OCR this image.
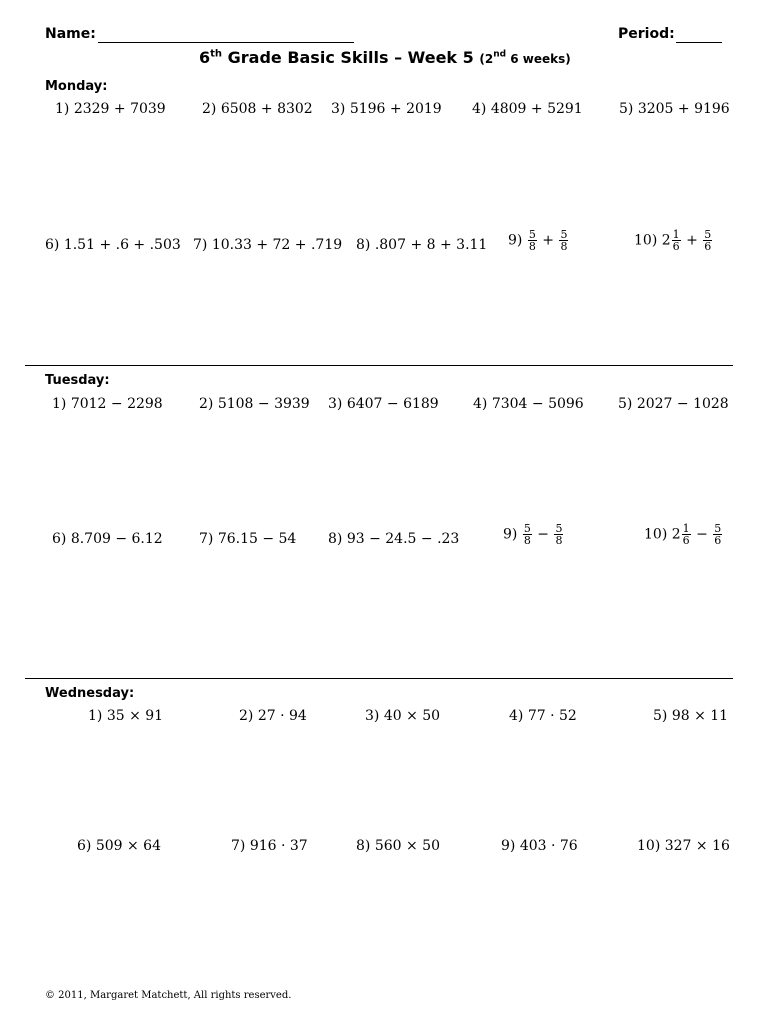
Name:	Period:
6th Grade Basic Skills – Week 5 (2nd 6 weeks)
Monday:
1) 2329 + 7039	2) 6508 + 8302 3) 5196 + 2019 4) 4809 + 5291	5) 3205 + 9196
6) 1.51 + .6 + .503 7) 10.33 + 72 + .719 8) .807 + 8 + 3.11 $9) \frac{5}{8} + \frac{5}{8}$	10) $2 \frac{1}{6} + \frac{5}{6}$
Tuesday:
1) 7012 − 2298	2) 5108 − 3939 3) 6407 − 6189 4) 7304 − 5096 5) 2027 − 1028
6) 8.709 − 6.12	7) 76.15 − 54 8) 93 − 24.5 − .23	$9) \frac{5}{8} - \frac{5}{8}$	10) $2 \frac{1}{6} - \frac{5}{6}$
Wednesday:
1) 35 × 91	2) 27 · 94	3) 40 × 50	4) 77 · 52	5) 98 × 11
6) 509 × 64	7) 916 · 37	8) 560 × 50	9) 403 · 76	10) 327 × 16
© 2011, Margaret Matchett, All rights reserved.
